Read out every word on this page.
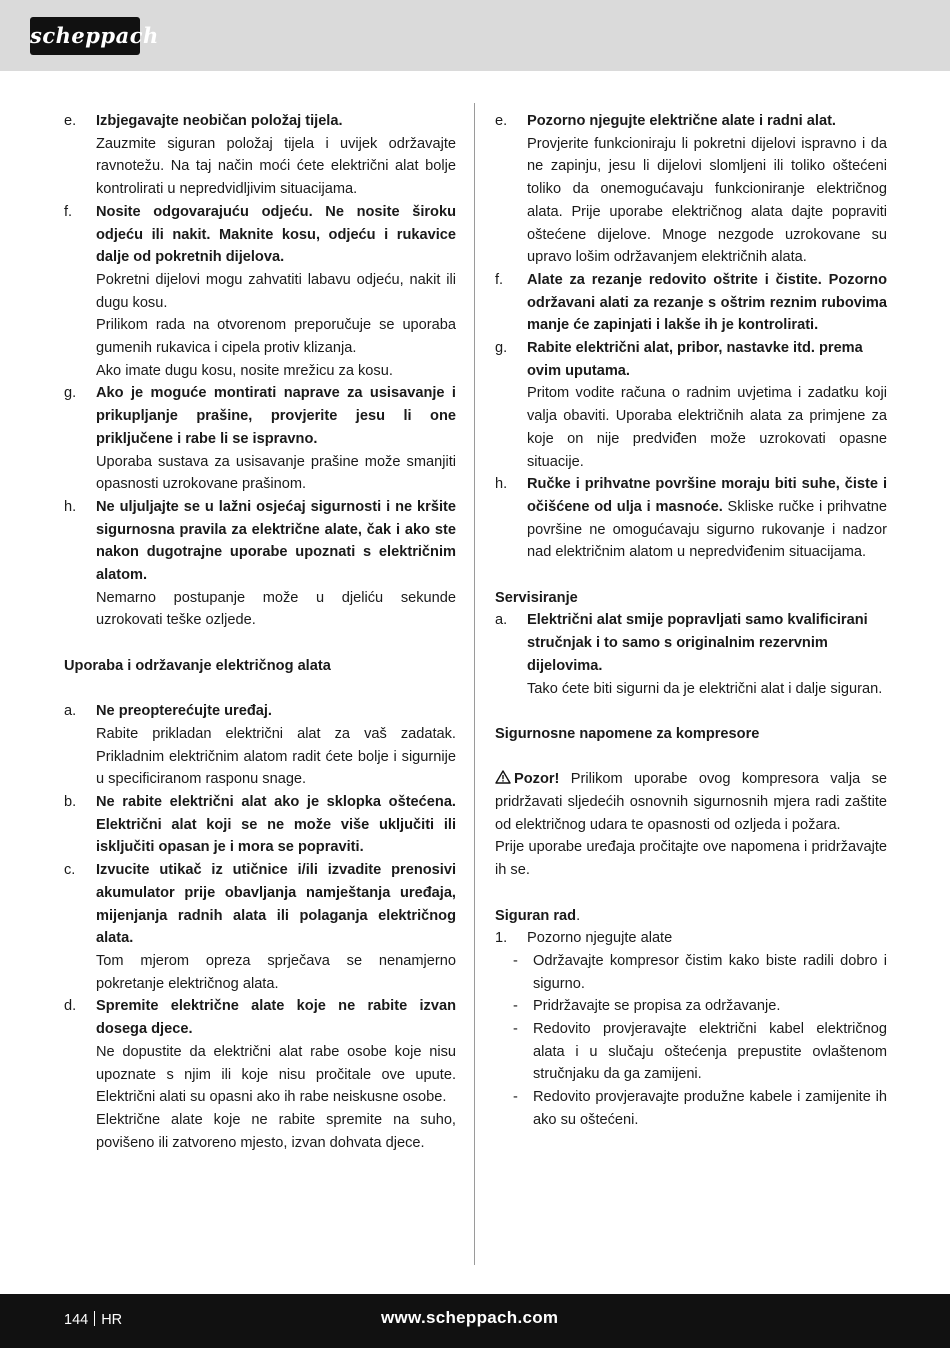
scheppach
e. Izbjegavajte neobičan položaj tijela.

Zauzmite siguran položaj tijela i uvijek održavajte ravnotežu. Na taj način moći ćete električni alat bolje kontrolirati u nepredvidljivim situacijama.

f. Nosite odgovarajuću odjeću. Ne nosite široku odjeću ili nakit. Maknite kosu, odjeću i rukavice dalje od pokretnih dijelova.

Pokretni dijelovi mogu zahvatiti labavu odjeću, nakit ili dugu kosu.

Prilikom rada na otvorenom preporučuje se uporaba gumenih rukavica i cipela protiv klizanja.

Ako imate dugu kosu, nosite mrežicu za kosu.

g. Ako je moguće montirati naprave za usisavanje i prikupljanje prašine, provjerite jesu li one priključene i rabe li se ispravno.

Uporaba sustava za usisavanje prašine može smanjiti opasnosti uzrokovane prašinom.

h. Ne uljuljajte se u lažni osjećaj sigurnosti i ne kršite sigurnosna pravila za električne alate, čak i ako ste nakon dugotrajne uporabe upoznati s električnim alatom.

Nemarno postupanje može u djeliću sekunde uzrokovati teške ozljede.

Uporaba i održavanje električnog alata

a. Ne preopterećujte uređaj.

Rabite prikladan električni alat za vaš zadatak. Prikladnim električnim alatom radit ćete bolje i sigurnije u specificiranom rasponu snage.

b. Ne rabite električni alat ako je sklopka oštećena. Električni alat koji se ne može više uključiti ili isključiti opasan je i mora se popraviti.

c. Izvucite utikač iz utičnice i/ili izvadite prenosivi akumulator prije obavljanja namještanja uređaja, mijenjanja radnih alata ili polaganja električnog alata.

Tom mjerom opreza sprječava se nenamjerno pokretanje električnog alata.

d. Spremite električne alate koje ne rabite izvan dosega djece.

Ne dopustite da električni alat rabe osobe koje nisu upoznate s njim ili koje nisu pročitale ove upute. Električni alati su opasni ako ih rabe neiskusne osobe.

Električne alate koje ne rabite spremite na suho, povišeno ili zatvoreno mjesto, izvan dohvata djece.

e. Pozorno njegujte električne alate i radni alat.

Provjerite funkcioniraju li pokretni dijelovi ispravno i da ne zapinju, jesu li dijelovi slomljeni ili toliko oštećeni toliko da onemogućavaju funkcioniranje električnog alata. Prije uporabe električnog alata dajte popraviti oštećene dijelove. Mnoge nezgode uzrokovane su upravo lošim održavanjem električnih alata.

f. Alate za rezanje redovito oštrite i čistite. Pozorno održavani alati za rezanje s oštrim reznim rubovima manje će zapinjati i lakše ih je kontrolirati.

g. Rabite električni alat, pribor, nastavke itd. prema ovim uputama.

Pritom vodite računa o radnim uvjetima i zadatku koji valja obaviti. Uporaba električnih alata za primjene za koje on nije predviđen može uzrokovati opasne situacije.

h. Ručke i prihvatne površine moraju biti suhe, čiste i očišćene od ulja i masnoće. Skliske ručke i prihvatne površine ne omogućavaju sigurno rukovanje i nadzor nad električnim alatom u nepredviđenim situacijama.

Servisiranje

a. Električni alat smije popravljati samo kvalificirani stručnjak i to samo s originalnim rezervnim dijelovima.

Tako ćete biti sigurni da je električni alat i dalje siguran.

Sigurnosne napomene za kompresore

Pozor! Prilikom uporabe ovog kompresora valja se pridržavati sljedećih osnovnih sigurnosnih mjera radi zaštite od električnog udara te opasnosti od ozljeda i požara.

Prije uporabe uređaja pročitajte ove napomena i pridržavajte ih se.

Siguran rad.

1. Pozorno njegujte alate

- Održavajte kompresor čistim kako biste radili dobro i sigurno.

- Pridržavajte se propisa za održavanje.

- Redovito provjeravajte električni kabel električnog alata i u slučaju oštećenja prepustite ovlaštenom stručnjaku da ga zamijeni.

- Redovito provjeravajte produžne kabele i zamijenite ih ako su oštećeni.

144 HR	www.scheppach.com
